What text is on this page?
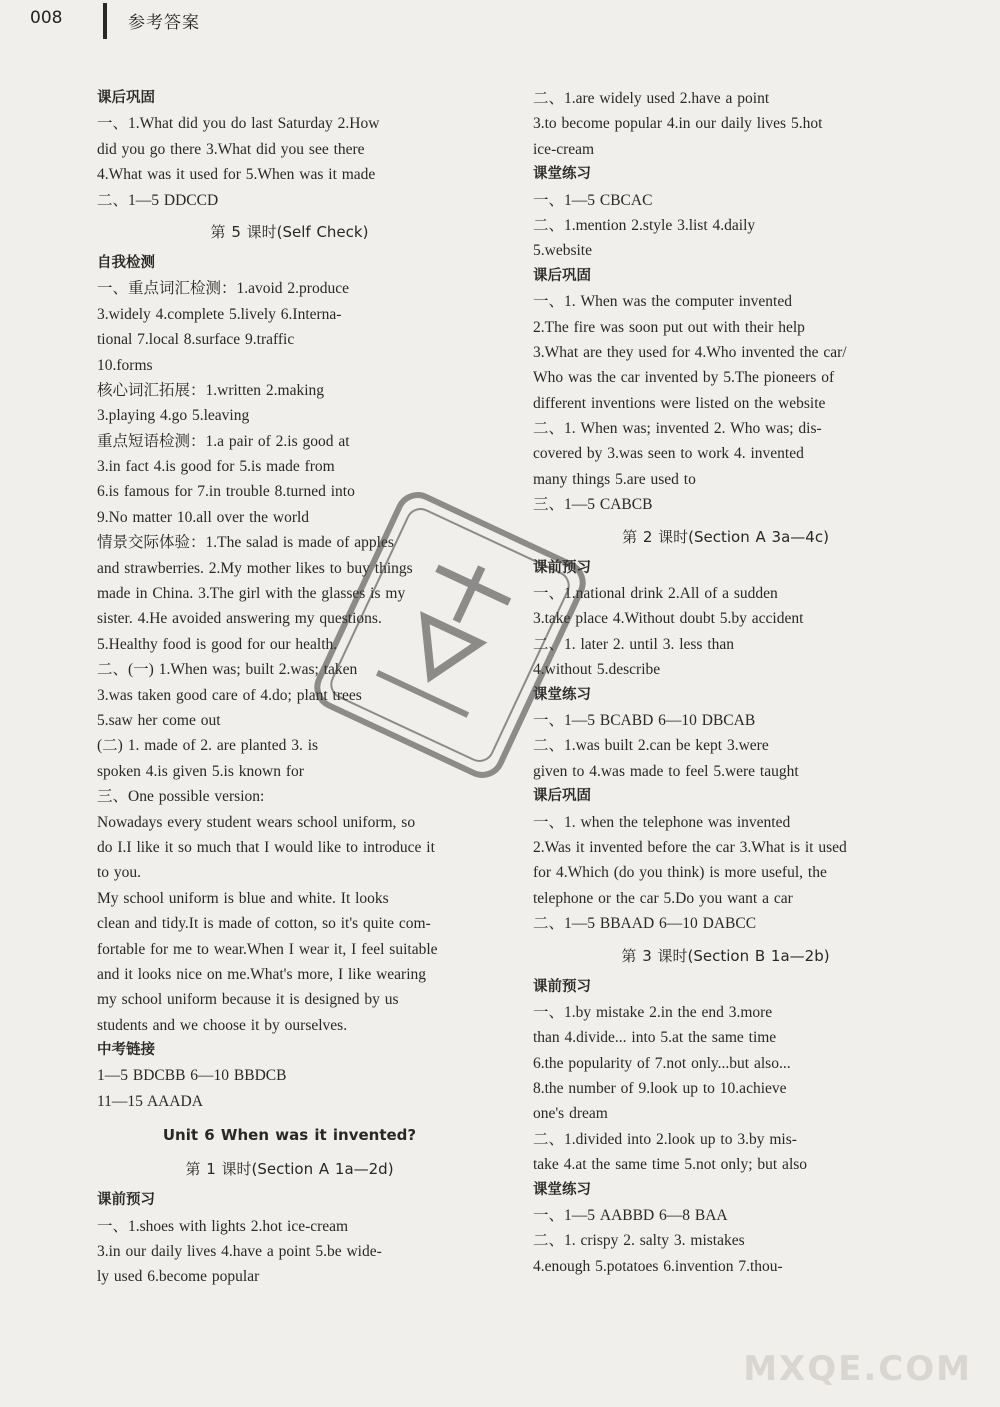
008	参考答案
课后巩固
一、1.What did you do last Saturday 2.How
did you go there 3.What did you see there
4.What was it used for 5.When was it made
二、1—5 DDCCD
第 5 课时(Self Check)
自我检测
一、重点词汇检测：1.avoid 2.produce
3.widely 4.complete 5.lively 6.Interna-
tional 7.local 8.surface 9.traffic
10.forms
核心词汇拓展：1.written 2.making
3.playing 4.go 5.leaving
重点短语检测：1.a pair of 2.is good at
3.in fact 4.is good for 5.is made from
6.is famous for 7.in trouble 8.turned into
9.No matter 10.all over the world
情景交际体验：1.The salad is made of apples
and strawberries. 2.My mother likes to buy things
made in China. 3.The girl with the glasses is my
sister. 4.He avoided answering my questions.
5.Healthy food is good for our health.
二、(一) 1.When was; built 2.was; taken
3.was taken good care of 4.do; plant trees
5.saw her come out
(二) 1. made of 2. are planted 3. is
spoken 4.is given 5.is known for
三、One possible version:
Nowadays every student wears school uniform, so
do I.I like it so much that I would like to introduce it
to you.
My school uniform is blue and white. It looks
clean and tidy.It is made of cotton, so it's quite com-
fortable for me to wear.When I wear it, I feel suitable
and it looks nice on me.What's more, I like wearing
my school uniform because it is designed by us
students and we choose it by ourselves.
中考链接
1—5 BDCBB 6—10 BBDCB
11—15 AAADA
Unit 6 When was it invented?
第 1 课时(Section A 1a—2d)
课前预习
一、1.shoes with lights 2.hot ice-cream
3.in our daily lives 4.have a point 5.be wide-
ly used 6.become popular
二、1.are widely used 2.have a point
3.to become popular 4.in our daily lives 5.hot
ice-cream
课堂练习
一、1—5 CBCAC
二、1.mention 2.style 3.list 4.daily
5.website
课后巩固
一、1. When was the computer invented
2.The fire was soon put out with their help
3.What are they used for 4.Who invented the car/
Who was the car invented by 5.The pioneers of
different inventions were listed on the website
二、1. When was; invented 2. Who was; dis-
covered by 3.was seen to work 4. invented
many things 5.are used to
三、1—5 CABCB
第 2 课时(Section A 3a—4c)
课前预习
一、1.national drink 2.All of a sudden
3.take place 4.Without doubt 5.by accident
二、1. later 2. until 3. less than
4.without 5.describe
课堂练习
一、1—5 BCABD 6—10 DBCAB
二、1.was built 2.can be kept 3.were
given to 4.was made to feel 5.were taught
课后巩固
一、1. when the telephone was invented
2.Was it invented before the car 3.What is it used
for 4.Which (do you think) is more useful, the
telephone or the car 5.Do you want a car
二、1—5 BBAAD 6—10 DABCC
第 3 课时(Section B 1a—2b)
课前预习
一、1.by mistake 2.in the end 3.more
than 4.divide... into 5.at the same time
6.the popularity of 7.not only...but also...
8.the number of 9.look up to 10.achieve
one's dream
二、1.divided into 2.look up to 3.by mis-
take 4.at the same time 5.not only; but also
课堂练习
一、1—5 AABBD 6—8 BAA
二、1. crispy 2. salty 3. mistakes
4.enough 5.potatoes 6.invention 7.thou-
MXQE.COM
